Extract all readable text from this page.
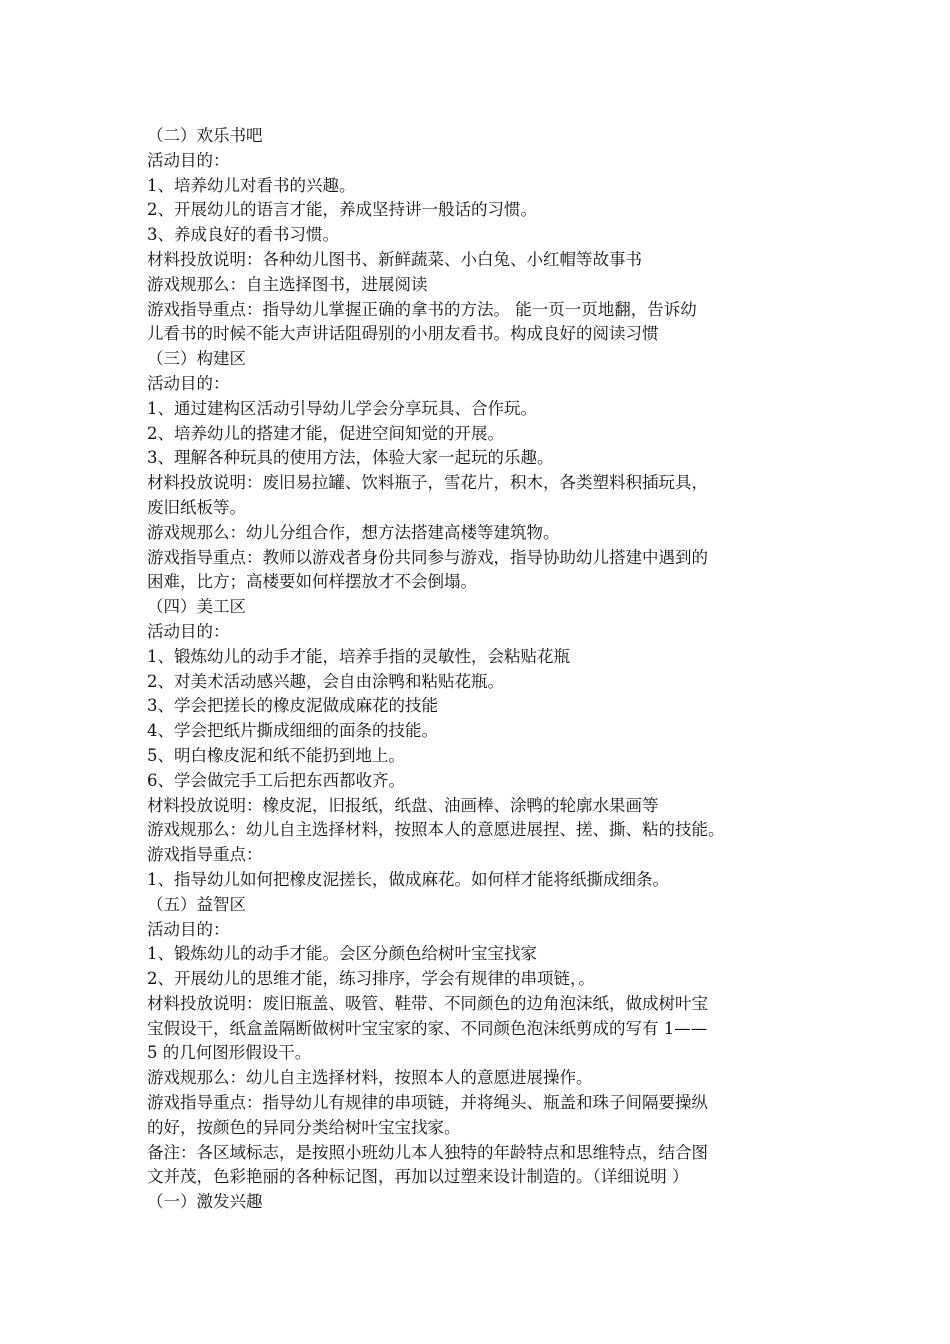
（二）欢乐书吧
活动目的：
1、培养幼儿对看书的兴趣。
2、开展幼儿的语言才能，养成坚持讲一般话的习惯。
3、养成良好的看书习惯。
材料投放说明：各种幼儿图书、新鲜蔬菜、小白兔、小红帽等故事书
游戏规那么：自主选择图书，进展阅读
游戏指导重点：指导幼儿掌握正确的拿书的方法。 能一页一页地翻，告诉幼
儿看书的时候不能大声讲话阻碍别的小朋友看书。构成良好的阅读习惯
（三）构建区
活动目的：
1、通过建构区活动引导幼儿学会分享玩具、合作玩。
2、培养幼儿的搭建才能，促进空间知觉的开展。
3、理解各种玩具的使用方法，体验大家一起玩的乐趣。
材料投放说明：废旧易拉罐、饮料瓶子，雪花片，积木，各类塑料积插玩具，
废旧纸板等。
游戏规那么：幼儿分组合作，想方法搭建高楼等建筑物。
游戏指导重点：教师以游戏者身份共同参与游戏，指导协助幼儿搭建中遇到的
困难，比方；高楼要如何样摆放才不会倒塌。
（四）美工区
活动目的：
1、锻炼幼儿的动手才能，培养手指的灵敏性，会粘贴花瓶
2、对美术活动感兴趣，会自由涂鸭和粘贴花瓶。
3、学会把搓长的橡皮泥做成麻花的技能
4、学会把纸片撕成细细的面条的技能。
5、明白橡皮泥和纸不能扔到地上。
6、学会做完手工后把东西都收齐。
材料投放说明：橡皮泥，旧报纸，纸盘、油画棒、涂鸭的轮廓水果画等
游戏规那么：幼儿自主选择材料，按照本人的意愿进展捏、搓、撕、粘的技能。
游戏指导重点：
1、指导幼儿如何把橡皮泥搓长，做成麻花。如何样才能将纸撕成细条。
（五）益智区
活动目的：
1、锻炼幼儿的动手才能。会区分颜色给树叶宝宝找家
2、开展幼儿的思维才能，练习排序，学会有规律的串项链，。
材料投放说明：废旧瓶盖、吸管、鞋带、不同颜色的边角泡沫纸，做成树叶宝
宝假设干，纸盒盖隔断做树叶宝宝家的家、不同颜色泡沫纸剪成的写有 1——
5 的几何图形假设干。
游戏规那么：幼儿自主选择材料，按照本人的意愿进展操作。
游戏指导重点：指导幼儿有规律的串项链，并将绳头、瓶盖和珠子间隔要操纵
的好，按颜色的异同分类给树叶宝宝找家。
备注：各区域标志，是按照小班幼儿本人独特的年龄特点和思维特点，结合图
文并茂，色彩艳丽的各种标记图，再加以过塑来设计制造的。（详细说明 ）
（一）激发兴趣
